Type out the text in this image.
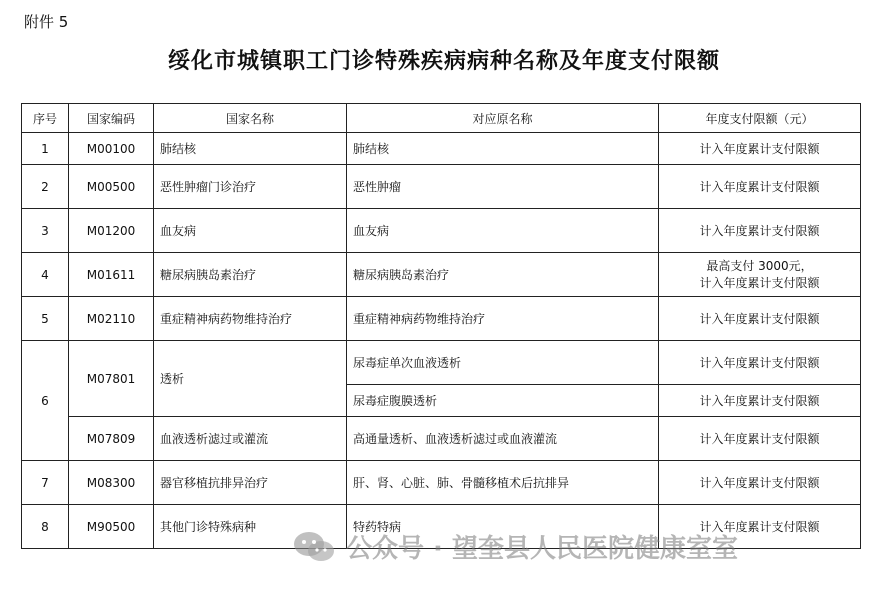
附件 5
绥化市城镇职工门诊特殊疾病病种名称及年度支付限额
序号	国家编码	国家名称	对应原名称	年度支付限额（元）
1	M00100	肺结核	肺结核	计入年度累计支付限额
2	M00500	恶性肿瘤门诊治疗	恶性肿瘤	计入年度累计支付限额
3	M01200	血友病	血友病	计入年度累计支付限额
4	M01611	糖尿病胰岛素治疗	糖尿病胰岛素治疗	最高支付 3000元，
计入年度累计支付限额

5	M02110	重症精神病药物维持治疗	重症精神病药物维持治疗	计入年度累计支付限额
6	M07801	透析	尿毒症单次血液透析	计入年度累计支付限额
			尿毒症腹膜透析	计入年度累计支付限额
	M07809	血液透析滤过或灌流	高通量透析、血液透析滤过或血液灌流	计入年度累计支付限额
7	M08300	器官移植抗排异治疗	肝、肾、心脏、肺、骨髓移植术后抗排异	计入年度累计支付限额
8	M90500	其他门诊特殊病种	特药特病	计入年度累计支付限额
公众号 · 望奎县人民医院健康室室
